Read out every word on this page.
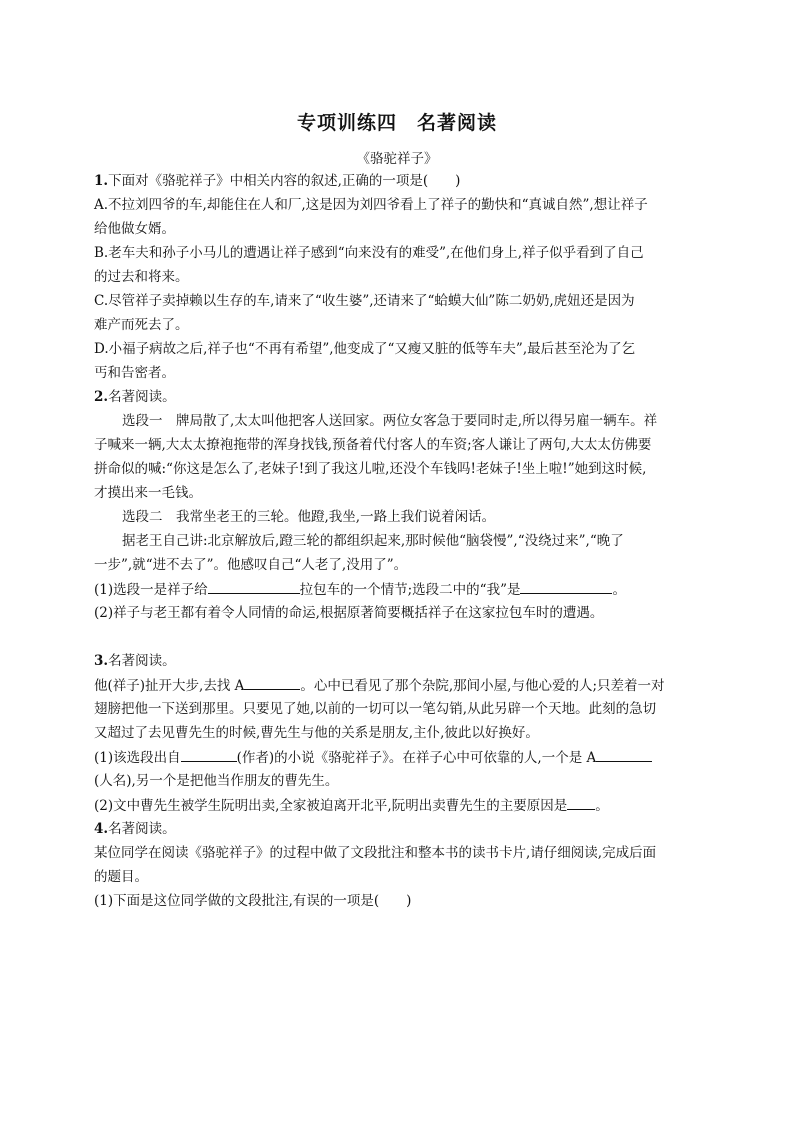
专项训练四　名著阅读
《骆驼祥子》
1.下面对《骆驼祥子》中相关内容的叙述,正确的一项是(　　)
A.不拉刘四爷的车,却能住在人和厂,这是因为刘四爷看上了祥子的勤快和“真诚自然”,想让祥子
给他做女婿。
B.老车夫和孙子小马儿的遭遇让祥子感到“向来没有的难受”,在他们身上,祥子似乎看到了自己
的过去和将来。
C.尽管祥子卖掉赖以生存的车,请来了“收生婆”,还请来了“蛤蟆大仙”陈二奶奶,虎妞还是因为
难产而死去了。
D.小福子病故之后,祥子也“不再有希望”,他变成了“又瘦又脏的低等车夫”,最后甚至沦为了乞
丐和告密者。
2.名著阅读。
选段一　牌局散了,太太叫他把客人送回家。两位女客急于要同时走,所以得另雇一辆车。祥
子喊来一辆,大太太撩袍拖带的浑身找钱,预备着代付客人的车资;客人谦让了两句,大太太仿佛要
拼命似的喊:“你这是怎么了,老妹子!到了我这儿啦,还没个车钱吗!老妹子!坐上啦!”她到这时候,
才摸出来一毛钱。
选段二　我常坐老王的三轮。他蹬,我坐,一路上我们说着闲话。
据老王自己讲:北京解放后,蹬三轮的都组织起来,那时候他“脑袋慢”,“没绕过来”,“晚了
一步”,就“进不去了”。他感叹自己“人老了,没用了”。
(1)选段一是祥子给	拉包车的一个情节;选段二中的“我”是	。
(2)祥子与老王都有着令人同情的命运,根据原著简要概括祥子在这家拉包车时的遭遇。
3.名著阅读。
他(祥子)扯开大步,去找 A	。心中已看见了那个杂院,那间小屋,与他心爱的人;只差着一对
翅膀把他一下送到那里。只要见了她,以前的一切可以一笔勾销,从此另辟一个天地。此刻的急切
又超过了去见曹先生的时候,曹先生与他的关系是朋友,主仆,彼此以好换好。
(1)该选段出自	(作者)的小说《骆驼祥子》。在祥子心中可依靠的人,一个是 A
(人名),另一个是把他当作朋友的曹先生。
(2)文中曹先生被学生阮明出卖,全家被迫离开北平,阮明出卖曹先生的主要原因是 。
4.名著阅读。
某位同学在阅读《骆驼祥子》的过程中做了文段批注和整本书的读书卡片,请仔细阅读,完成后面
的题目。
(1)下面是这位同学做的文段批注,有误的一项是(　　)
